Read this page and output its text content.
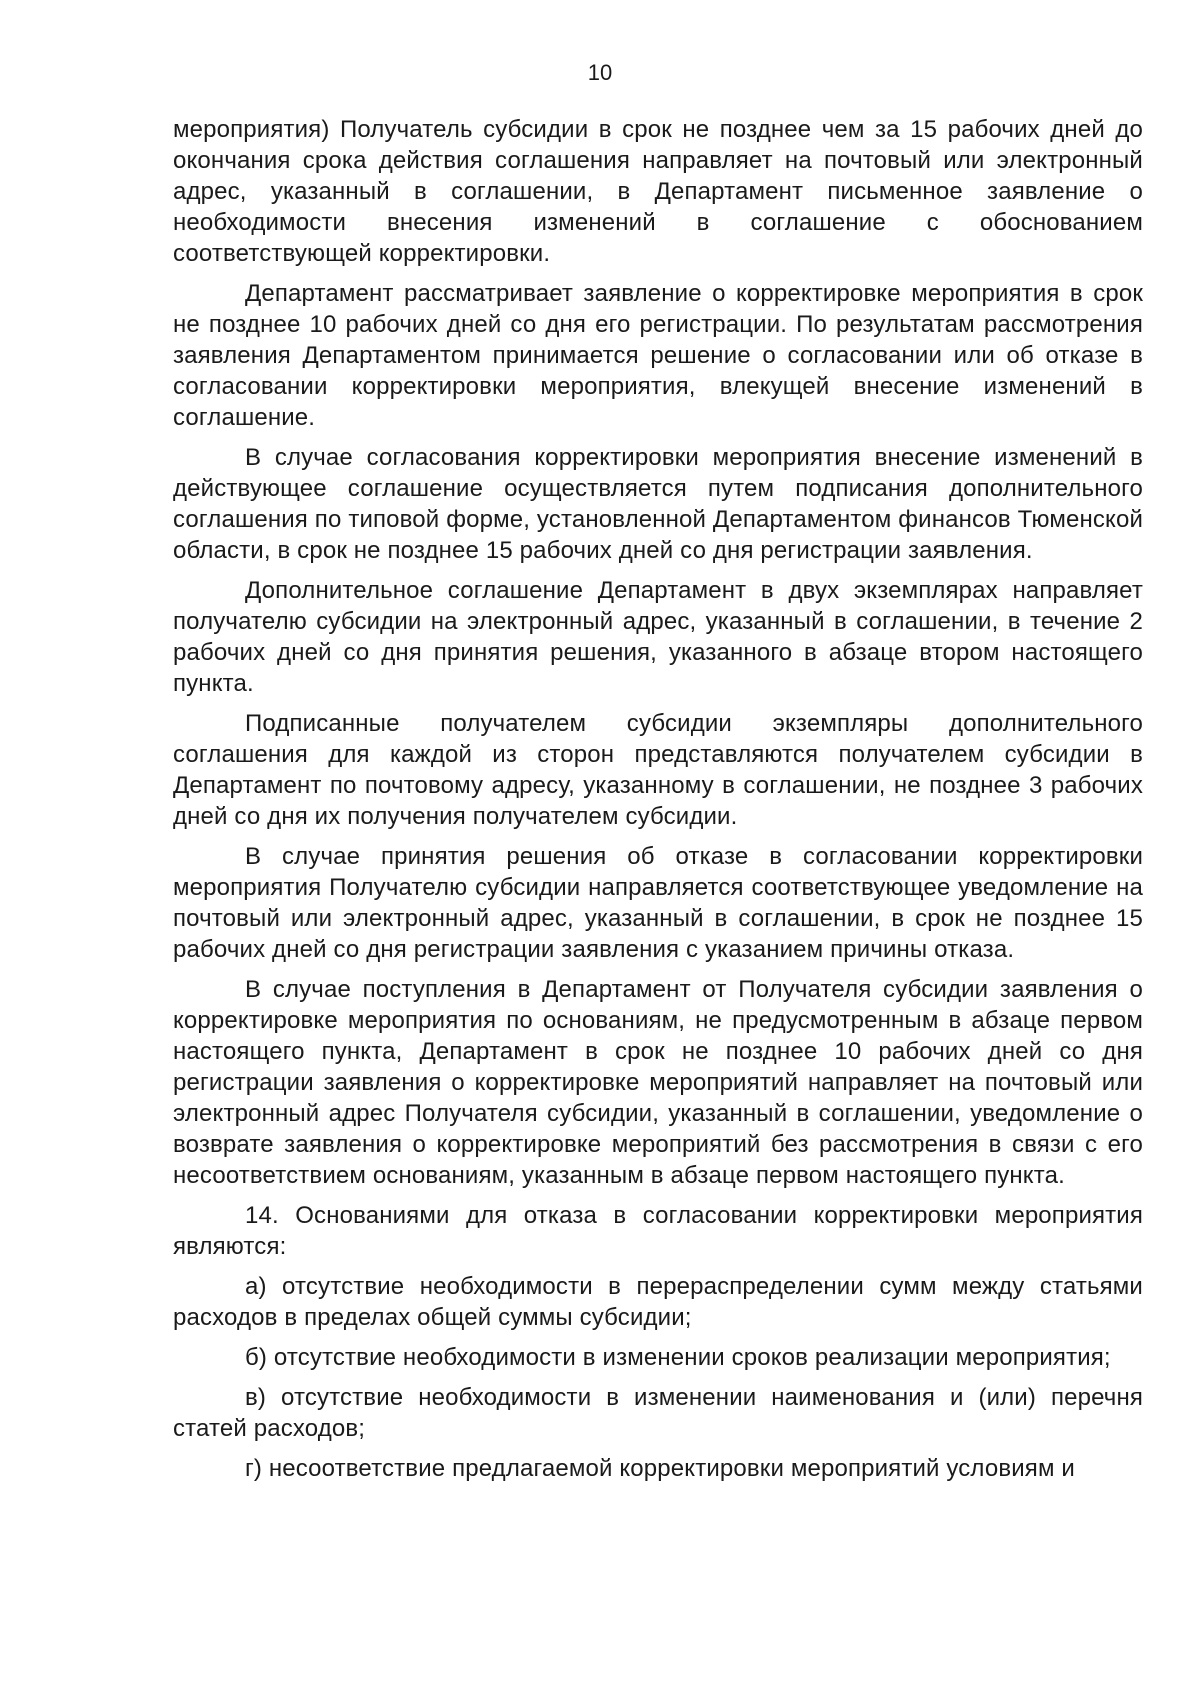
10

мероприятия) Получатель субсидии в срок не позднее чем за 15 рабочих дней до окончания срока действия соглашения направляет на почтовый или электронный адрес, указанный в соглашении, в Департамент письменное заявление о необходимости внесения изменений в соглашение с обоснованием соответствующей корректировки.

Департамент рассматривает заявление о корректировке мероприятия в срок не позднее 10 рабочих дней со дня его регистрации. По результатам рассмотрения заявления Департаментом принимается решение о согласовании или об отказе в согласовании корректировки мероприятия, влекущей внесение изменений в соглашение.

В случае согласования корректировки мероприятия внесение изменений в действующее соглашение осуществляется путем подписания дополнительного соглашения по типовой форме, установленной Департаментом финансов Тюменской области, в срок не позднее 15 рабочих дней со дня регистрации заявления.

Дополнительное соглашение Департамент в двух экземплярах направляет получателю субсидии на электронный адрес, указанный в соглашении, в течение 2 рабочих дней со дня принятия решения, указанного в абзаце втором настоящего пункта.

Подписанные получателем субсидии экземпляры дополнительного соглашения для каждой из сторон представляются получателем субсидии в Департамент по почтовому адресу, указанному в соглашении, не позднее 3 рабочих дней со дня их получения получателем субсидии.

В случае принятия решения об отказе в согласовании корректировки мероприятия Получателю субсидии направляется соответствующее уведомление на почтовый или электронный адрес, указанный в соглашении, в срок не позднее 15 рабочих дней со дня регистрации заявления с указанием причины отказа.

В случае поступления в Департамент от Получателя субсидии заявления о корректировке мероприятия по основаниям, не предусмотренным в абзаце первом настоящего пункта, Департамент в срок не позднее 10 рабочих дней со дня регистрации заявления о корректировке мероприятий направляет на почтовый или электронный адрес Получателя субсидии, указанный в соглашении, уведомление о возврате заявления о корректировке мероприятий без рассмотрения в связи с его несоответствием основаниям, указанным в абзаце первом настоящего пункта.

14. Основаниями для отказа в согласовании корректировки мероприятия являются:

а) отсутствие необходимости в перераспределении сумм между статьями расходов в пределах общей суммы субсидии;

б) отсутствие необходимости в изменении сроков реализации мероприятия;

в) отсутствие необходимости в изменении наименования и (или) перечня статей расходов;

г) несоответствие предлагаемой корректировки мероприятий условиям и
